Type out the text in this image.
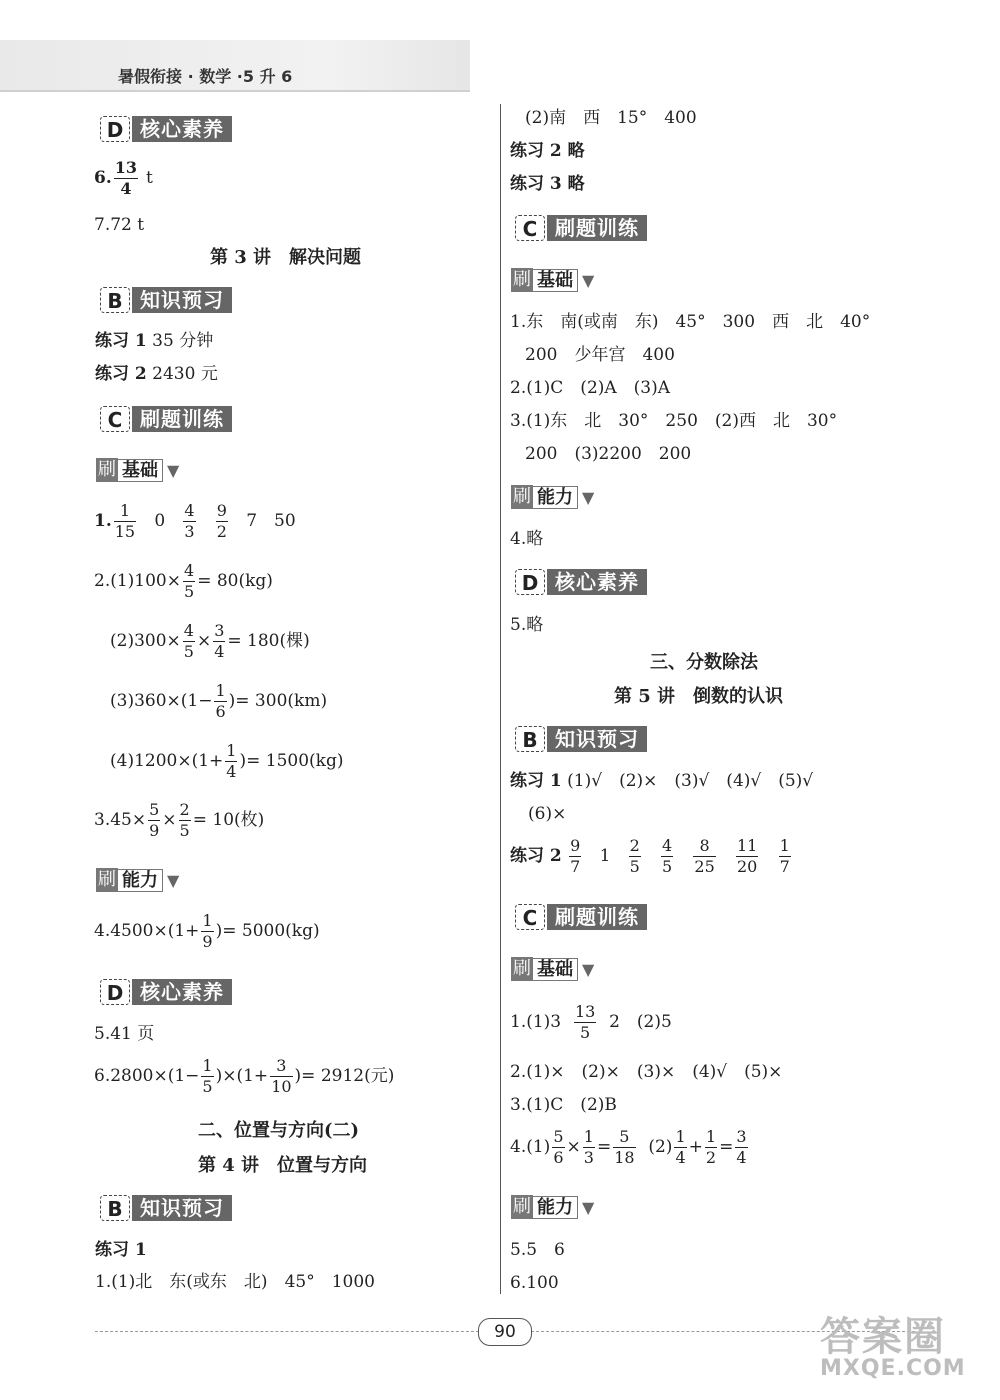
暑假衔接 · 数学 ·5 升 6
D 核心素养
6. $\frac{13}{4}$ t
7.72 t
第 3 讲　解决问题
B 知识预习
练习 1 35 分钟
练习 2 2430 元
C 刷题训练
刷 基础 ▼
1. $\frac{1}{15} 0 \frac{4}{3}$
$\frac{9}{2} 7$　50
$2.(1)100\times \frac{4}{5} = 80(kg)$
$(2)300\times \frac{4}{5} \times \frac{3}{4} = 180$(棵)
$(3)360\times(1- \frac{1}{6}$ )= 300(km)
$(4)1200\times(1+ \frac{1}{4}$ )= 1500(kg)
$3.45\times \frac{5}{9} \times \frac{2}{5} = 10$(枚)
刷 能力 ▼
$4.4500\times(1+ \frac{1}{9}$ )= 5000(kg)
D 核心素养
5.41 页
$6.2800\times(1- \frac{1}{5} )\times(1+ \frac{3}{10}$ )= 2912(元)
二、位置与方向(二)
第 4 讲　位置与方向
B 知识预习
练习 1
1.(1)北　东(或东　北)　45°　1000
(2)南　西　15°　400
练习 2 略
练习 3 略
C 刷题训练
刷 基础 ▼
1.东　南(或南　东)　45°　300　西　北　40°
200　少年宫　400
2.(1)C　(2)A　(3)A
3.(1)东　北　30°　250　(2)西　北　30°
200　(3)2200　200
刷 能力 ▼
4.略
D 核心素养
5.略
三、分数除法
第 5 讲　倒数的认识
B 知识预习
练习 1 (1)√　(2)×　(3)√　(4)√　(5)√
(6)×
练习 $2 \frac{9}{7} 1 \frac{2}{5}$
$\frac{4}{5}$
$\frac{8}{25}$
$\frac{11}{20}$
$\frac{1}{7}$
C 刷题训练
刷 基础 ▼
$1.(1)3 \frac{13}{5} 2$　(2)5
2.(1)×　(2)×　(3)×　(4)√　(5)×
3.(1)C　(2)B
$4.(1) \frac{5}{6} \times \frac{1}{3} = \frac{5}{18} (2) \frac{1}{4} + \frac{1}{2} = \frac{3}{4}$
刷 能力 ▼
5.5　6
6.100
90	答案圈
MXQE.COM
